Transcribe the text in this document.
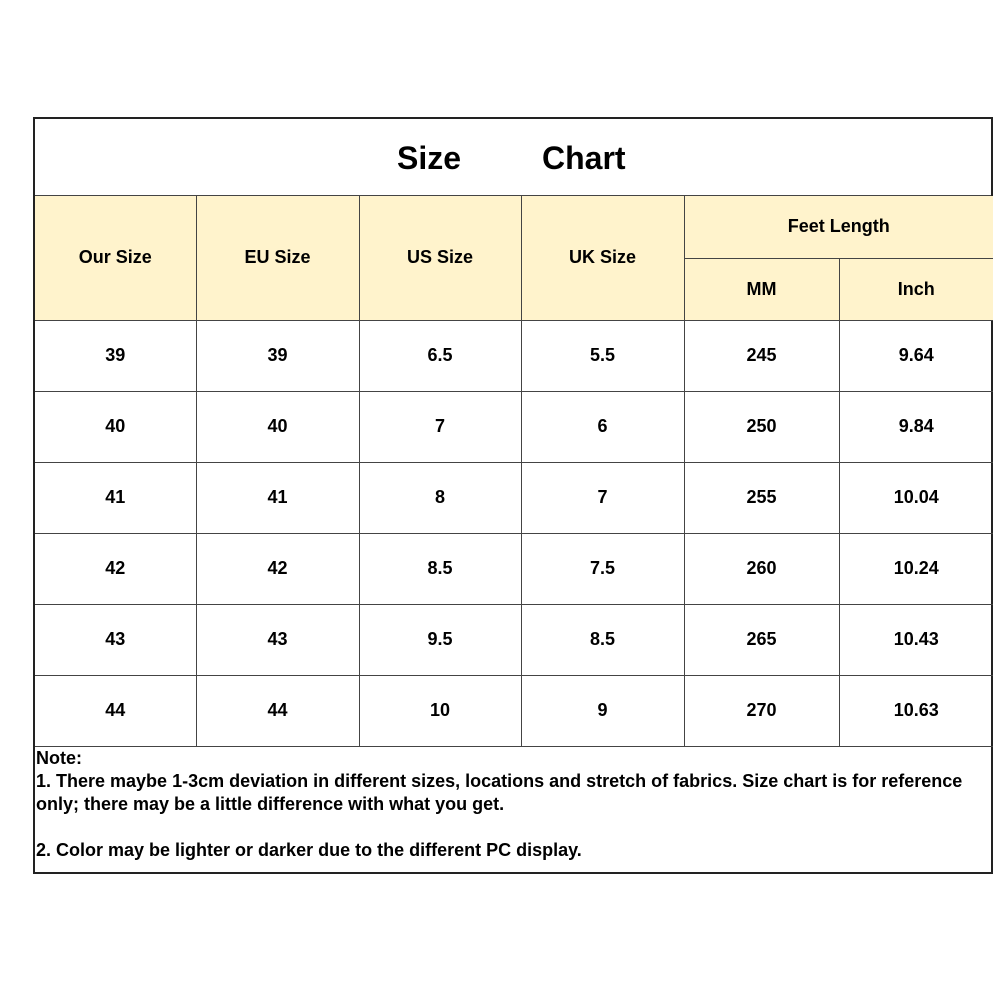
Size	Chart
Our Size	EU Size	US Size	UK Size	Feet Length	
				MM	Inch
39	39	6.5	5.5	245	9.64
40	40	7	6	250	9.84
41	41	8	7	255	10.04
42	42	8.5	7.5	260	10.24
43	43	9.5	8.5	265	10.43
44	44	10	9	270	10.63

Note:

1. There maybe 1-3cm deviation in different sizes, locations and stretch of fabrics. Size chart is for reference only; there may be a little difference with what you get.

2. Color may be lighter or darker due to the different PC display.
